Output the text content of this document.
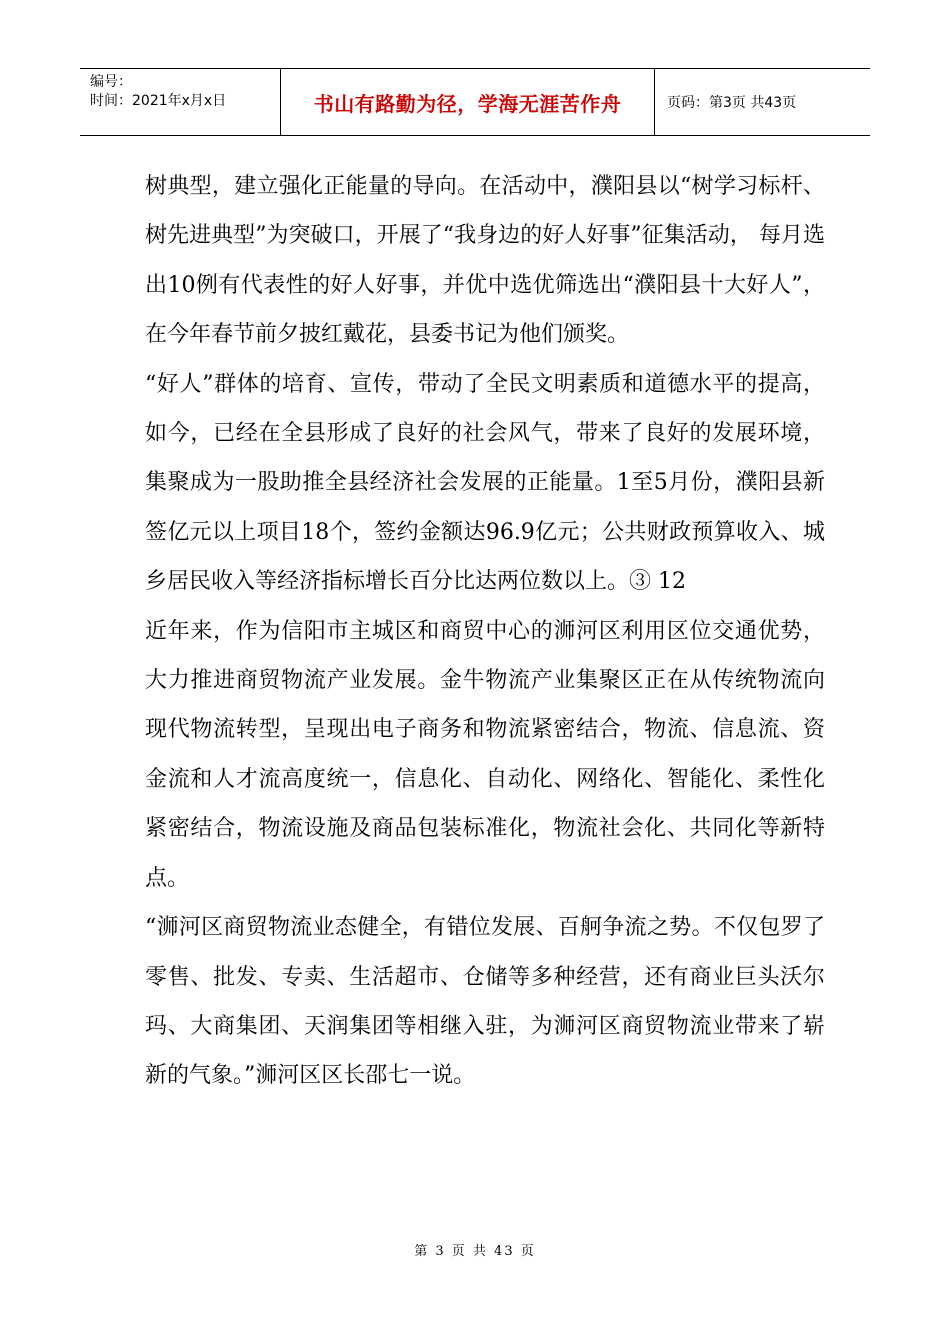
编号：
时间：2021年x月x日	书山有路勤为径，学海无涯苦作舟	页码：第3页 共43页

树典型，建立强化正能量的导向。在活动中，濮阳县以“树学习标杆、树先进典型”为突破口，开展了“我身边的好人好事”征集活动， 每月选出10例有代表性的好人好事，并优中选优筛选出“濮阳县十大好人”，在今年春节前夕披红戴花，县委书记为他们颁奖。

“好人”群体的培育、宣传，带动了全民文明素质和道德水平的提高，如今，已经在全县形成了良好的社会风气，带来了良好的发展环境，集聚成为一股助推全县经济社会发展的正能量。1至5月份，濮阳县新签亿元以上项目18个，签约金额达96.9亿元；公共财政预算收入、城乡居民收入等经济指标增长百分比达两位数以上。③ 12

近年来，作为信阳市主城区和商贸中心的浉河区利用区位交通优势，大力推进商贸物流产业发展。金牛物流产业集聚区正在从传统物流向现代物流转型，呈现出电子商务和物流紧密结合，物流、信息流、资金流和人才流高度统一，信息化、自动化、网络化、智能化、柔性化紧密结合，物流设施及商品包装标准化，物流社会化、共同化等新特点。

“浉河区商贸物流业态健全，有错位发展、百舸争流之势。不仅包罗了零售、批发、专卖、生活超市、仓储等多种经营，还有商业巨头沃尔玛、大商集团、天润集团等相继入驻，为浉河区商贸物流业带来了崭新的气象。”浉河区区长邵七一说。

第 3 页 共 43 页
